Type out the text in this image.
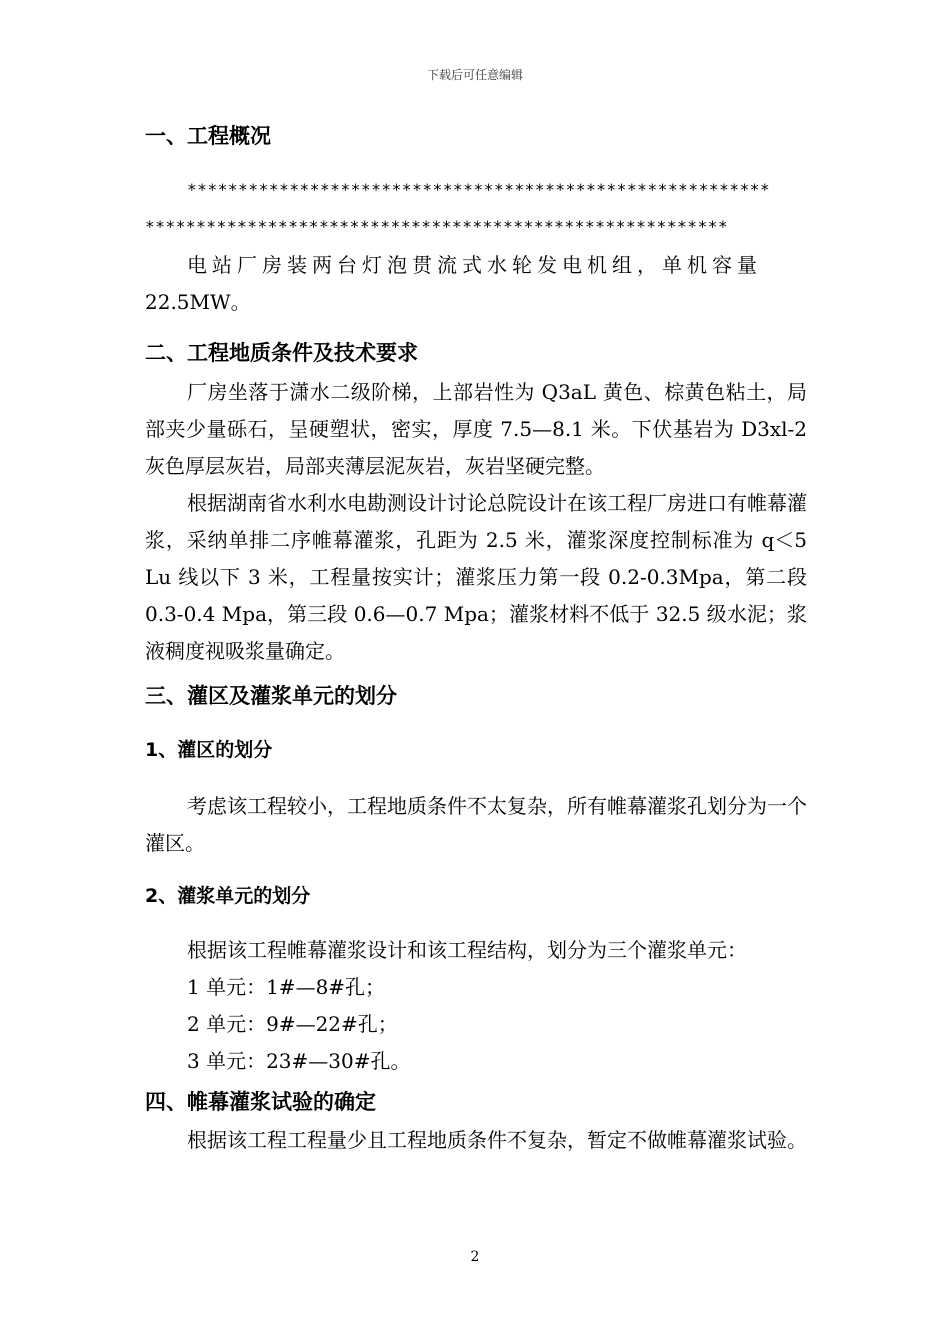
下载后可任意编辑
一、工程概况
*********************************************************
*********************************************************
电站厂房装两台灯泡贯流式水轮发电机组，单机容量
22.5MW。
二、工程地质条件及技术要求
厂房坐落于潇水二级阶梯，上部岩性为 Q3aL 黄色、棕黄色粘土，局部夹少量砾石，呈硬塑状，密实，厚度 7.5—8.1 米。下伏基岩为 D3xl-2 灰色厚层灰岩，局部夹薄层泥灰岩，灰岩坚硬完整。
根据湖南省水利水电勘测设计讨论总院设计在该工程厂房进口有帷幕灌浆，采纳单排二序帷幕灌浆，孔距为 2.5 米，灌浆深度控制标准为 q＜5 Lu 线以下 3 米，工程量按实计；灌浆压力第一段 0.2-0.3Mpa，第二段 0.3-0.4 Mpa，第三段 0.6—0.7 Mpa；灌浆材料不低于 32.5 级水泥；浆液稠度视吸浆量确定。
三、灌区及灌浆单元的划分
1、灌区的划分
考虑该工程较小，工程地质条件不太复杂，所有帷幕灌浆孔划分为一个灌区。
2、灌浆单元的划分
根据该工程帷幕灌浆设计和该工程结构，划分为三个灌浆单元：
1 单元：1#—8#孔；
2 单元：9#—22#孔；
3 单元：23#—30#孔。
四、帷幕灌浆试验的确定
根据该工程工程量少且工程地质条件不复杂，暂定不做帷幕灌浆试验。
2
